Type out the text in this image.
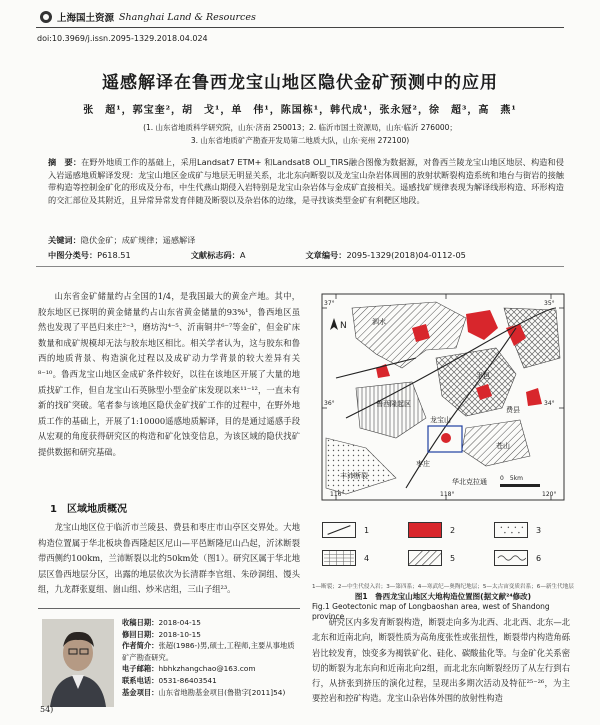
上海国土资源 Shanghai Land & Resources
doi:10.3969/j.issn.2095-1329.2018.04.024
遥感解译在鲁西龙宝山地区隐伏金矿预测中的应用
张　超¹，郭宝奎²，胡　戈¹，单　伟¹，陈国栋¹，韩代成¹，张永冠²，徐　超³，高　燕¹
(1. 山东省地质科学研究院，山东·济南 250013；2. 临沂市国土资源局，山东·临沂 276000；
3. 山东省地质矿产勘查开发局第二地质大队，山东·兖州 272100)
摘　要：在野外地质工作的基础上，采用Landsat7 ETM+ 和Landsat8 OLI_TIRS融合图像为数据源，对鲁西兰陵龙宝山地区地层、构造和侵入岩遥感地质解译发现：龙宝山地区金成矿与地层无明显关系，北北东向断裂以及龙宝山杂岩体周围的放射状断裂构造系统和地台与街岩的接触带构造等控制金矿化的形成及分布，中生代燕山期侵入岩特别是龙宝山杂岩体与金成矿直接相关。遥感找矿规律表现为解译线形构造、环形构造的交汇部位及其附近，且异常异常发育伴随及断裂以及杂岩体的边缘，是寻找该类型金矿有利靶区地段。
关键词：隐伏金矿；成矿规律；遥感解译
中图分类号： P618.51	文献标志码： A	文章编号： 2095-1329(2018)04-0112-05

山东省金矿储量约占全国的1/4，是我国最大的黄金产地。其中，胶东地区已探明的黄金储量约占山东省黄金储量的93%¹，鲁西地区虽然也发现了平邑归来庄²⁻³，磨坊沟⁴⁻⁵、沂南铜井⁶⁻⁷等金矿，但金矿床数量和成矿规模却无法与胶东地区相比。相关学者认为，这与胶东和鲁西的地质背景、构造演化过程以及成矿动力学背景的较大差异有关⁸⁻¹⁰。鲁西龙宝山地区金成矿条件较好，以往在该地区开展了大量的地质找矿工作，但自龙宝山石英脉型小型金矿床发现以来¹¹⁻¹²，一直未有新的找矿突破。笔者参与该地区隐伏金矿找矿工作的过程中，在野外地质工作的基础上，开展了1:10000遥感地质解译，目的是通过遥感手段从宏观的角度获得研究区的构造和矿化蚀变信息，为该区域的隐伏找矿提供数据和研究基础。

1　区域地质概况

龙宝山地区位于临沂市兰陵县、费县和枣庄市山亭区交界处。大地构造位置属于华北板块鲁西隆起区尼山—平邑断隆尼山凸起，沂沭断裂带西侧约100km，兰沛断裂以北约50km处（图1）。研究区属于华北地层区鲁西地层分区，出露的地层依次为长清群李官组、朱砂洞组、馒头组，九龙群张夏组、崮山组、炒米店组，三山子组²³。

收稿日期：2018-04-15
修回日期：2018-10-15
作者简介：张超(1986-)男,硕士,工程师,主要从事地质矿产勘查研究。
电子邮箱：hbhkzhangchao@163.com
联系电话：0531-86403541
基金项目：山东省地勘基金项目(鲁勘字[2011]54)
54)
N
0　5km
37°
36°
35°
34°
116°	118°	120°
泗水
鲁西隆起区
龙宝山
平邑
枣庄
费县
苍山
丰沛断裂
华北克拉通
1	2	3
4	5	6
1—断裂；2—中生代侵入岩；3—第四系；4—寒武纪—奥陶纪地层；5—太古宙变质岩系；6—新生代地层
图1　鲁西龙宝山地区大地构造位置图(据文献²⁴修改)
Fig.1 Geotectonic map of Longbaoshan area, west of Shandong province

研究区内多发育断裂构造，断裂走向多为北西、北北西、北东—北北东和近南北向，断裂性质为高角度张性或张扭性，断裂带内构造角砾岩比较发育，蚀变多为褐铁矿化、硅化、碳酸盐化等。与金矿化关系密切的断裂为北东向和近南北向2组，而北北东向断裂经历了从左行到右行，从挤张到挤压的演化过程，呈现出多期次活动及特征²⁵⁻²⁶，为主要控岩和控矿构造。龙宝山杂岩体外围的放射性构造
